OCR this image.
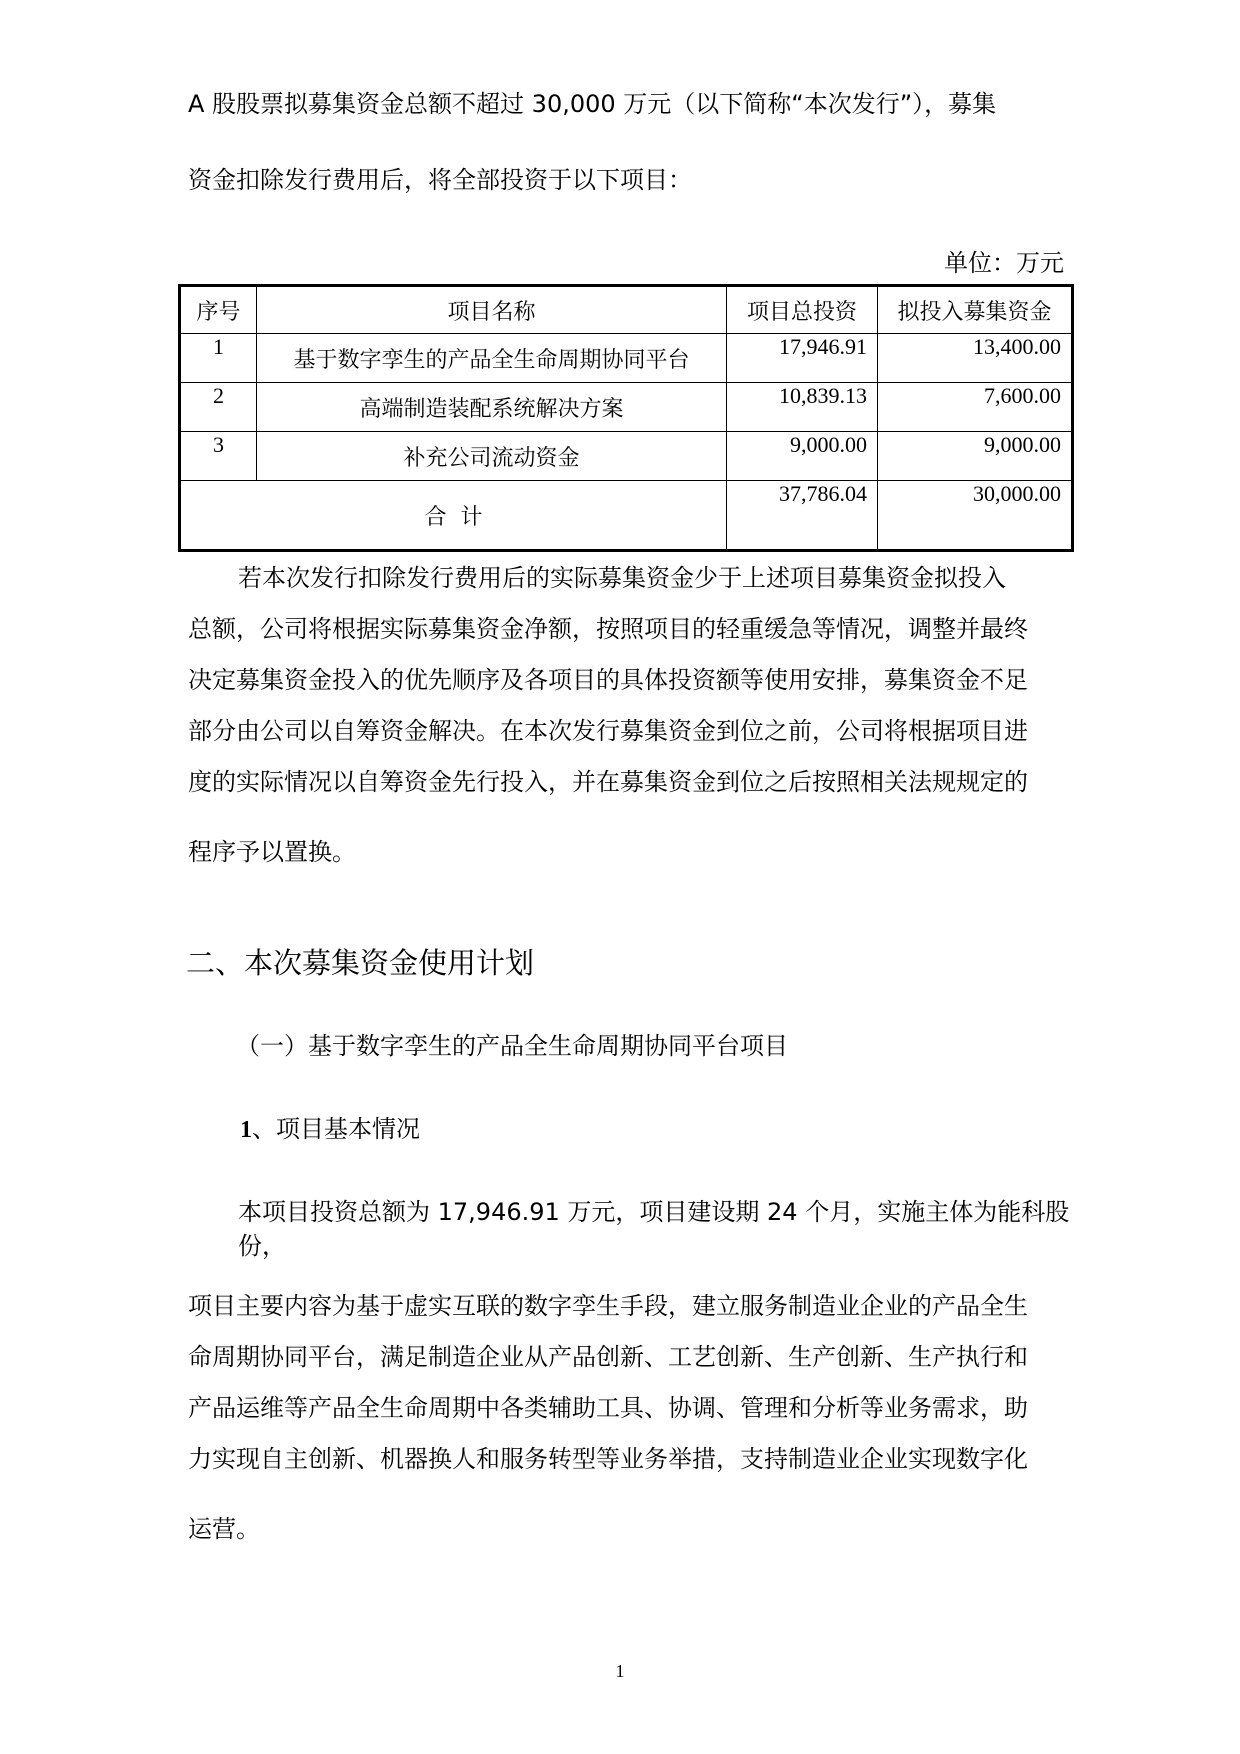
A 股股票拟募集资金总额不超过 30,000 万元（以下简称“本次发行”），募集
资金扣除发行费用后，将全部投资于以下项目：
单位：万元
序号	项目名称	项目总投资	拟投入募集资金
1	基于数字孪生的产品全生命周期协同平台	17,946.91	13,400.00
2	高端制造装配系统解决方案	10,839.13	7,600.00
3	补充公司流动资金	9,000.00	9,000.00
合  计		37,786.04	30,000.00
若本次发行扣除发行费用后的实际募集资金少于上述项目募集资金拟投入
总额，公司将根据实际募集资金净额，按照项目的轻重缓急等情况，调整并最终
决定募集资金投入的优先顺序及各项目的具体投资额等使用安排，募集资金不足
部分由公司以自筹资金解决。在本次发行募集资金到位之前，公司将根据项目进
度的实际情况以自筹资金先行投入，并在募集资金到位之后按照相关法规规定的
程序予以置换。
二、本次募集资金使用计划
（一）基于数字孪生的产品全生命周期协同平台项目
1、项目基本情况
本项目投资总额为 17,946.91 万元，项目建设期 24 个月，实施主体为能科股
份，
项目主要内容为基于虚实互联的数字孪生手段，建立服务制造业企业的产品全生
命周期协同平台，满足制造企业从产品创新、工艺创新、生产创新、生产执行和
产品运维等产品全生命周期中各类辅助工具、协调、管理和分析等业务需求，助
力实现自主创新、机器换人和服务转型等业务举措，支持制造业企业实现数字化
运营。
1
